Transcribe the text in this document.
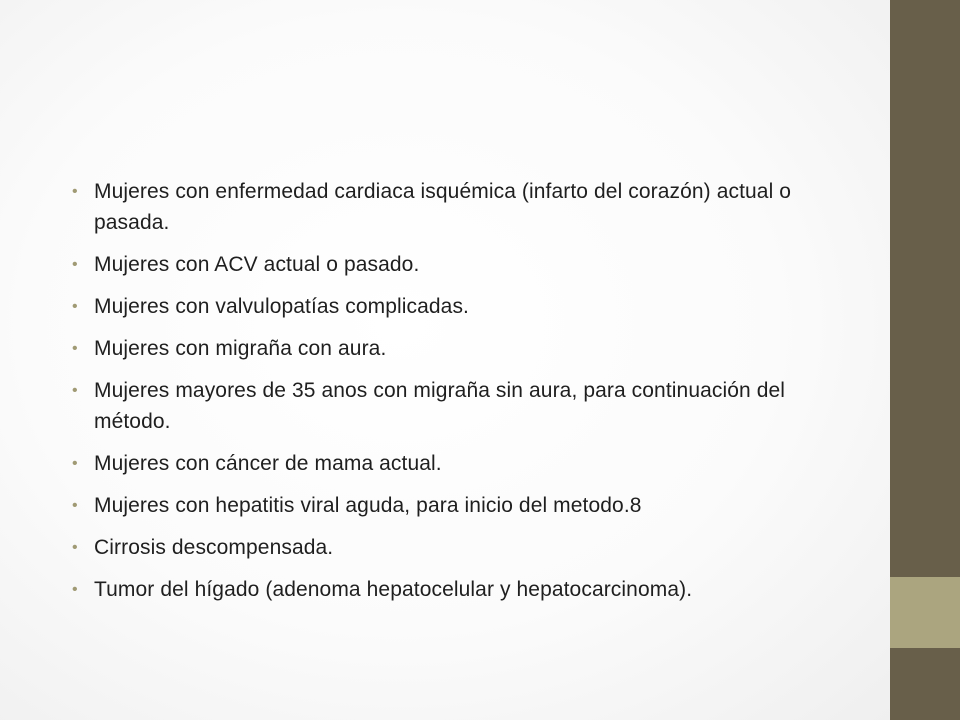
• Mujeres con enfermedad cardiaca isquémica (infarto del corazón) actual o pasada.
• Mujeres con ACV actual o pasado.
• Mujeres con valvulopatías complicadas.
• Mujeres con migraña con aura.
• Mujeres mayores de 35 anos con migraña sin aura, para continuación del método.
• Mujeres con cáncer de mama actual.
• Mujeres con hepatitis viral aguda, para inicio del metodo.8
• Cirrosis descompensada.
• Tumor del hígado (adenoma hepatocelular y hepatocarcinoma).
